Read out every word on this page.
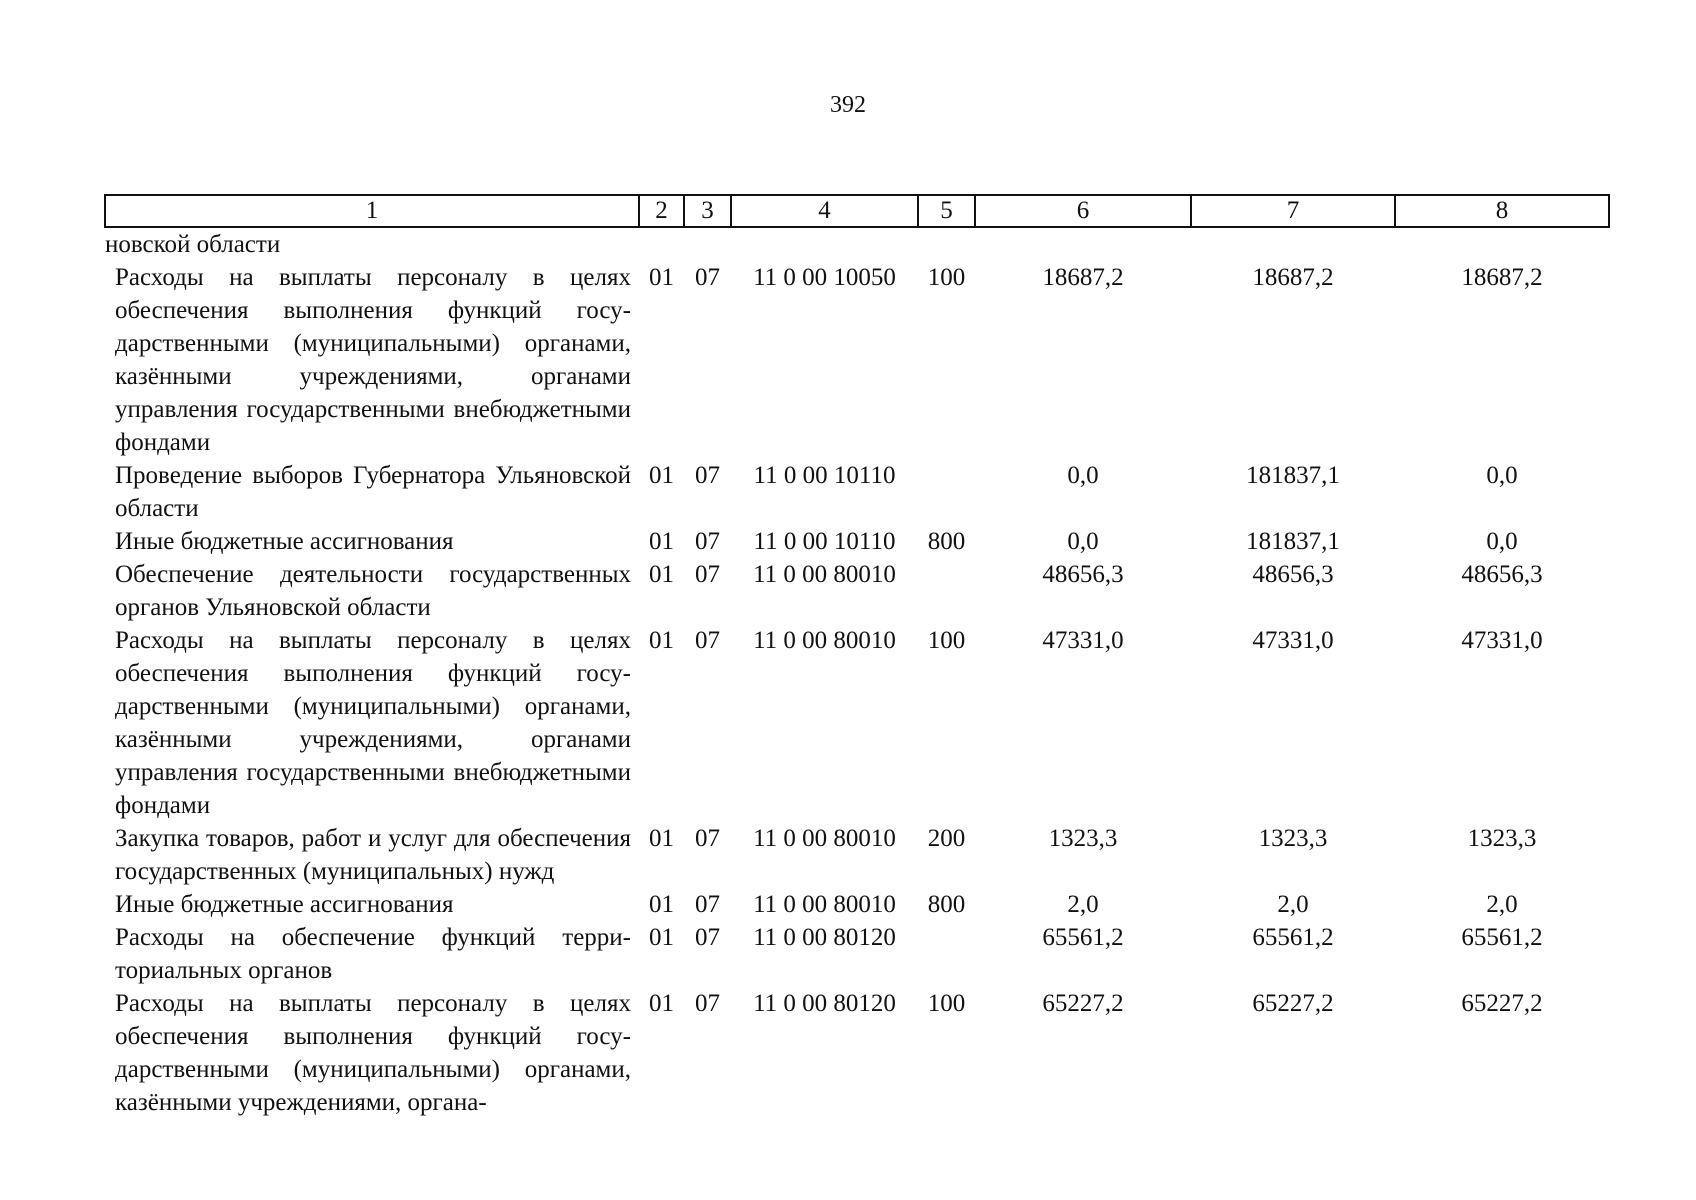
392
1	2	3	4	5	6	7	8
новской области							
Расходы на выплаты персоналу в целях обеспечения выполнения функций государственными (муниципальными) органами, казёнными учреждениями, органами управления государственными внебюджетными фондами	01	07	11 0 00 10050	100	18687,2	18687,2	18687,2
Проведение выборов Губернатора Ульяновской области	01	07	11 0 00 10110		0,0	181837,1	0,0
Иные бюджетные ассигнования	01	07	11 0 00 10110	800	0,0	181837,1	0,0
Обеспечение деятельности государственных органов Ульяновской области	01	07	11 0 00 80010		48656,3	48656,3	48656,3
Расходы на выплаты персоналу в целях обеспечения выполнения функций государственными (муниципальными) органами, казёнными учреждениями, органами управления государственными внебюджетными фондами	01	07	11 0 00 80010	100	47331,0	47331,0	47331,0
Закупка товаров, работ и услуг для обеспечения государственных (муниципальных) нужд	01	07	11 0 00 80010	200	1323,3	1323,3	1323,3
Иные бюджетные ассигнования	01	07	11 0 00 80010	800	2,0	2,0	2,0
Расходы на обеспечение функций территориальных органов	01	07	11 0 00 80120		65561,2	65561,2	65561,2
Расходы на выплаты персоналу в целях обеспечения выполнения функций государственными (муниципальными) органами, казёнными учреждениями, органа-	01	07	11 0 00 80120	100	65227,2	65227,2	65227,2
